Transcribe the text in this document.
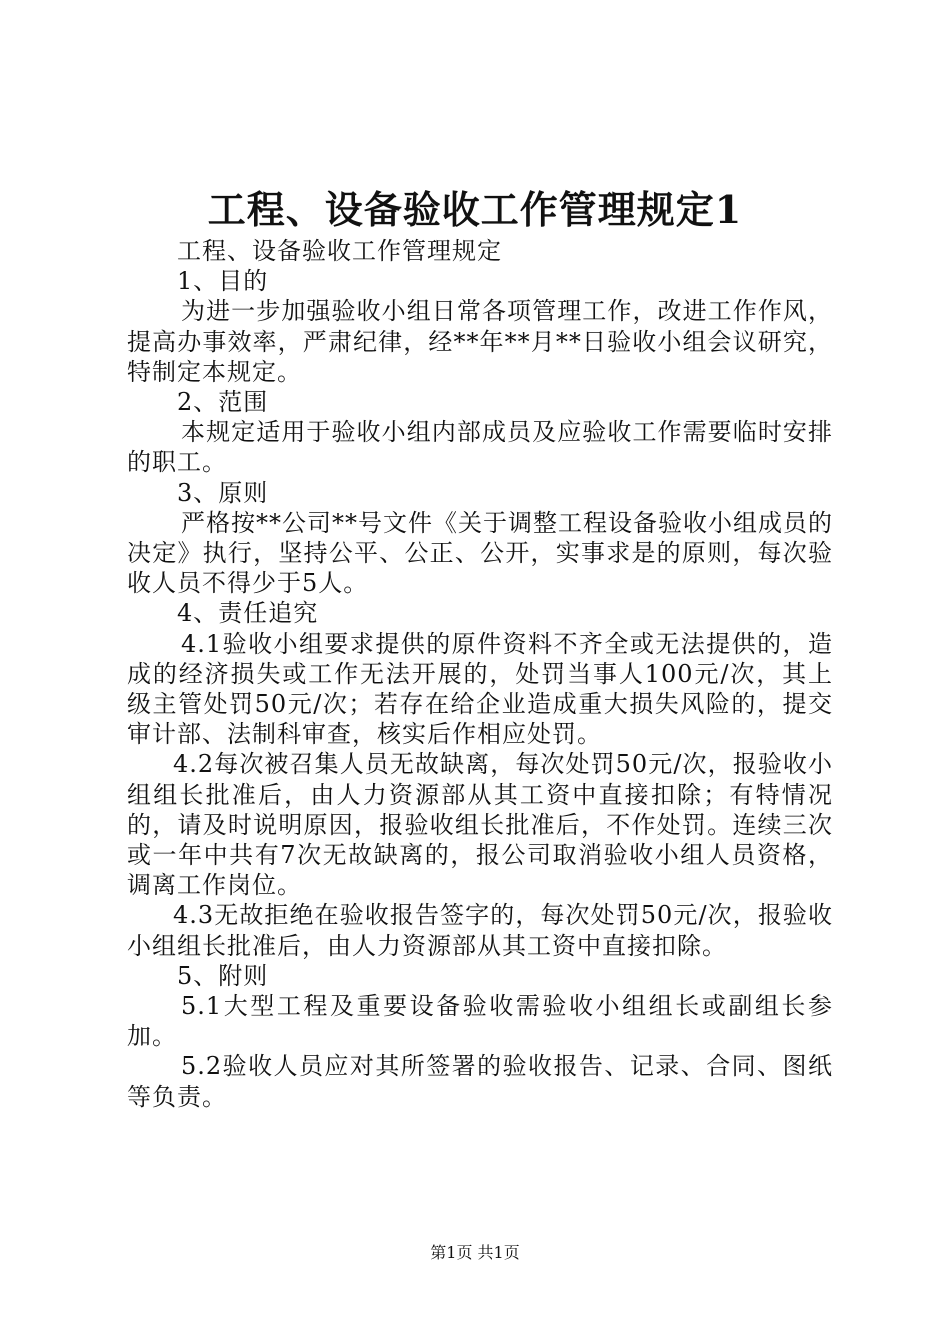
工程、设备验收工作管理规定1

工程、设备验收工作管理规定

1、目的

为进一步加强验收小组日常各项管理工作，改进工作作风，提高办事效率，严肃纪律，经**年**月**日验收小组会议研究，特制定本规定。

2、范围

本规定适用于验收小组内部成员及应验收工作需要临时安排的职工。

3、原则

严格按**公司**号文件《关于调整工程设备验收小组成员的决定》执行，坚持公平、公正、公开，实事求是的原则，每次验收人员不得少于5人。

4、责任追究

4.1验收小组要求提供的原件资料不齐全或无法提供的，造成的经济损失或工作无法开展的，处罚当事人100元/次，其上级主管处罚50元/次；若存在给企业造成重大损失风险的，提交审计部、法制科审查，核实后作相应处罚。

4.2每次被召集人员无故缺离，每次处罚50元/次，报验收小组组长批准后，由人力资源部从其工资中直接扣除；有特情况的，请及时说明原因，报验收组长批准后，不作处罚。连续三次或一年中共有7次无故缺离的，报公司取消验收小组人员资格，调离工作岗位。

4.3无故拒绝在验收报告签字的，每次处罚50元/次，报验收小组组长批准后，由人力资源部从其工资中直接扣除。

5、附则

5.1大型工程及重要设备验收需验收小组组长或副组长参加。

5.2验收人员应对其所签署的验收报告、记录、合同、图纸等负责。

第1页 共1页
